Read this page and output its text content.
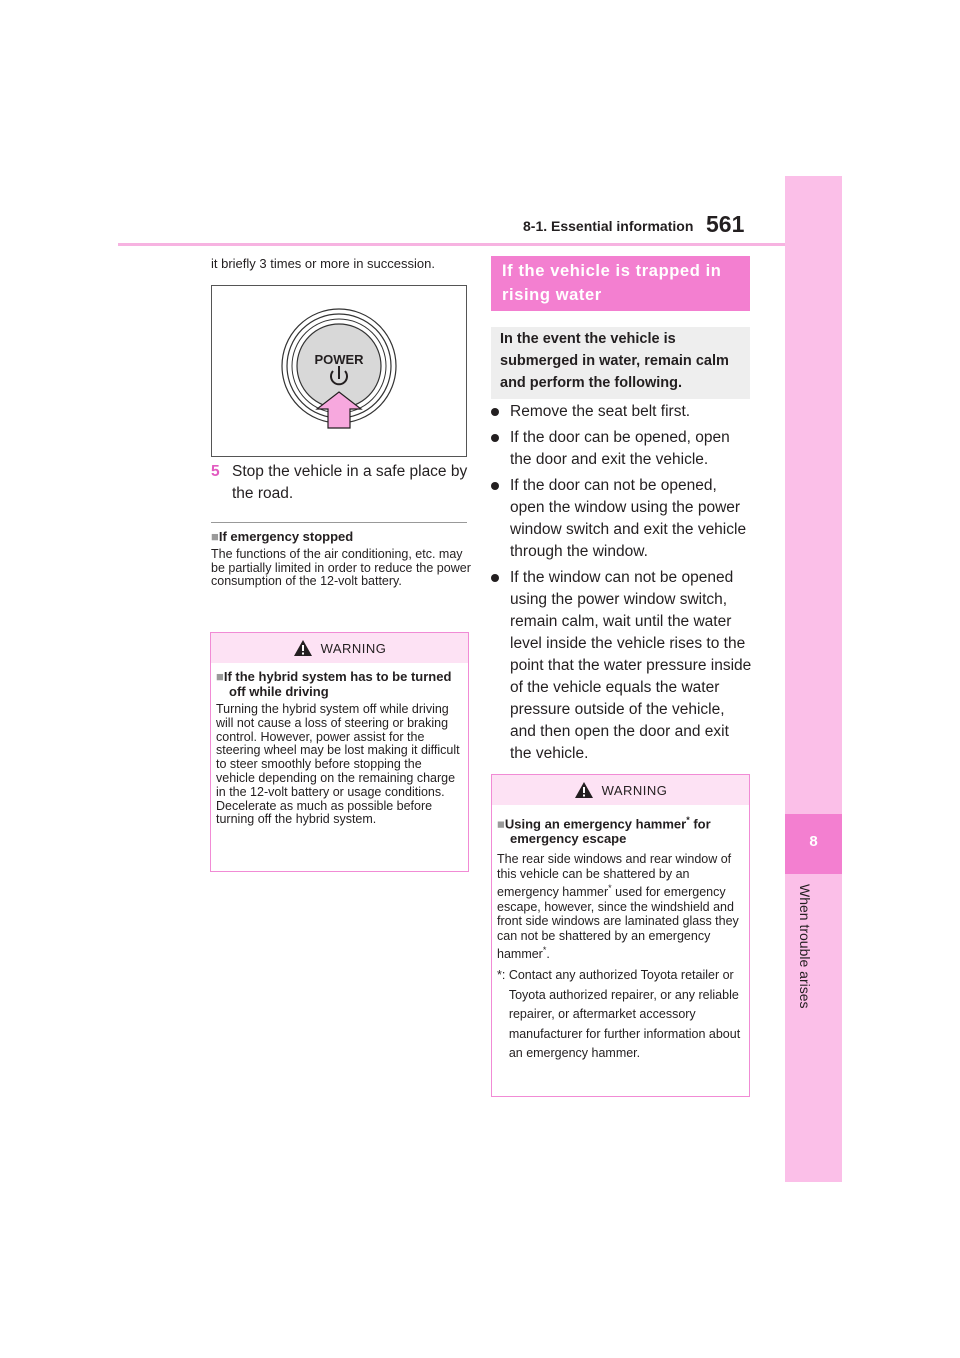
8-1. Essential information 561
8
When trouble arises
it briefly 3 times or more in succession.
POWER
5 Stop the vehicle in a safe place by the road.
■If emergency stopped
The functions of the air conditioning, etc. may be partially limited in order to reduce the power consumption of the 12-volt battery.
WARNING
■If the hybrid system has to be turned off while driving
Turning the hybrid system off while driving will not cause a loss of steering or braking control. However, power assist for the steering wheel may be lost making it difficult to steer smoothly before stopping the vehicle depending on the remaining charge in the 12-volt battery or usage conditions. Decelerate as much as possible before turning off the hybrid system.
If the vehicle is trapped in rising water
In the event the vehicle is submerged in water, remain calm and perform the following.
Remove the seat belt first.
If the door can be opened, open the door and exit the vehicle.
If the door can not be opened, open the window using the power window switch and exit the vehicle through the window.
If the window can not be opened using the power window switch, remain calm, wait until the water level inside the vehicle rises to the point that the water pressure inside of the vehicle equals the water pressure outside of the vehicle, and then open the door and exit the vehicle.
WARNING
■Using an emergency hammer* for emergency escape
The rear side windows and rear window of this vehicle can be shattered by an emergency hammer* used for emergency escape, however, since the windshield and front side windows are laminated glass they can not be shattered by an emergency hammer*.
*: Contact any authorized Toyota retailer or Toyota authorized repairer, or any reliable repairer, or aftermarket accessory manufacturer for further information about an emergency hammer.
